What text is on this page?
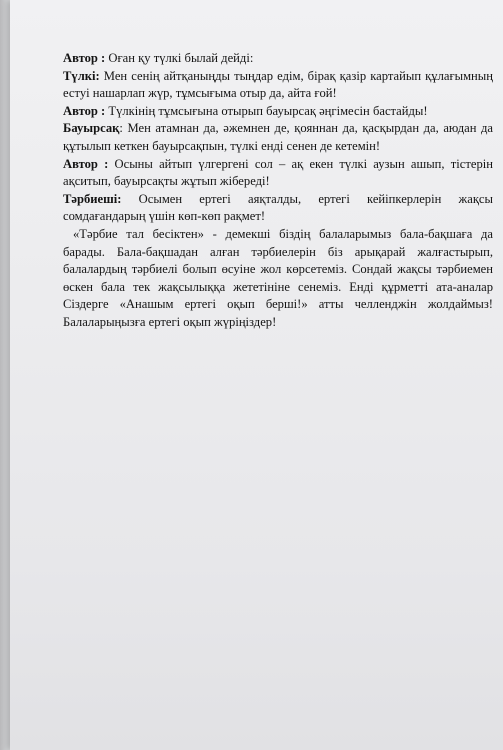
Автор : Оған қу түлкі былай дейді:

Түлкі: Мен сенің айтқаныңды тыңдар едім, бірақ қазір картайып құлағымның естуі нашарлап жүр, тұмсығыма отыр да, айта ғой!

Автор : Түлкінің тұмсығына отырып бауырсақ әңгімесін бастайды!

Бауырсақ: Мен атамнан да, әжемнен де, қояннан да, қасқырдан да, аюдан да құтылып кеткен бауырсақпын, түлкі енді сенен де кетемін!

Автор : Осыны айтып үлгергені сол – ақ екен түлкі аузын ашып, тістерін ақситып, бауырсақты жұтып жібереді!

Тәрбиеші: Осымен ертегі аяқталды, ертегі кейіпкерлерін жақсы сомдағандарың үшін көп-көп рақмет!

«Тәрбие тал бесіктен» - демекші біздің балаларымыз бала-бақшаға да барады. Бала-бақшадан алған тәрбиелерін біз арықарай жалғастырып, балалардың тәрбиелі болып өсуіне жол көрсетеміз. Сондай жақсы тәрбиемен өскен бала тек жақсылыққа жететініне сенеміз. Енді құрметті ата-аналар Сіздерге «Анашым ертегі оқып берші!» атты челленджін жолдаймыз! Балаларыңызға ертегі оқып жүріңіздер!
